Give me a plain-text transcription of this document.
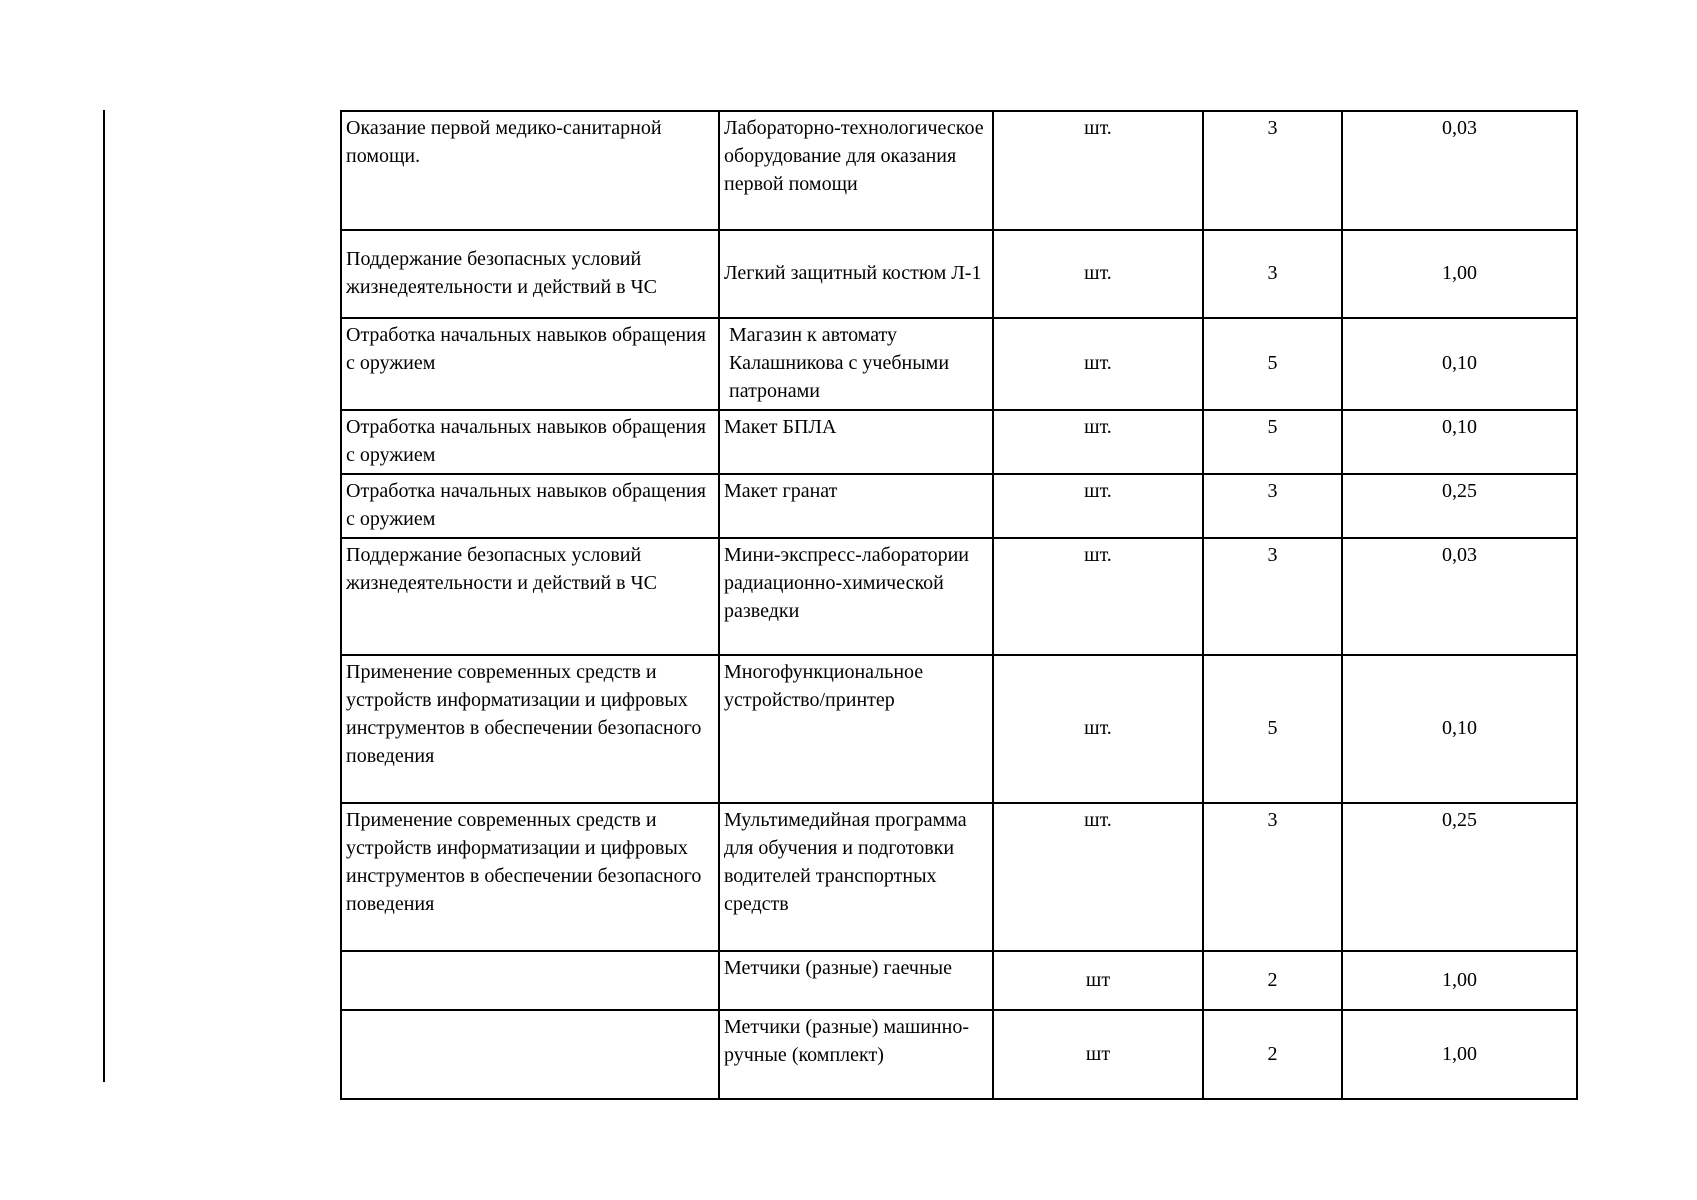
Оказание первой медико-санитарной помощи.	Лабораторно-технологическое оборудование для оказания первой помощи	шт.	3	0,03
Поддержание безопасных условий жизнедеятельности и действий в ЧС	Легкий защитный костюм Л-1	шт.	3	1,00
Отработка начальных навыков обращения с оружием	Магазин к автомату Калашникова с учебными патронами	шт.	5	0,10
Отработка начальных навыков обращения с оружием	Макет БПЛА	шт.	5	0,10
Отработка начальных навыков обращения с оружием	Макет гранат	шт.	3	0,25
Поддержание безопасных условий жизнедеятельности и действий в ЧС	Мини-экспресс-лаборатории радиационно-химической разведки	шт.	3	0,03
Применение современных средств и устройств информатизации и цифровых инструментов в обеспечении безопасного поведения	Многофункциональное устройство/принтер	шт.	5	0,10
Применение современных средств и устройств информатизации и цифровых инструментов в обеспечении безопасного поведения	Мультимедийная программа для обучения и подготовки водителей транспортных средств	шт.	3	0,25
	Метчики (разные) гаечные	шт	2	1,00
	Метчики (разные) машинно-ручные (комплект)	шт	2	1,00
